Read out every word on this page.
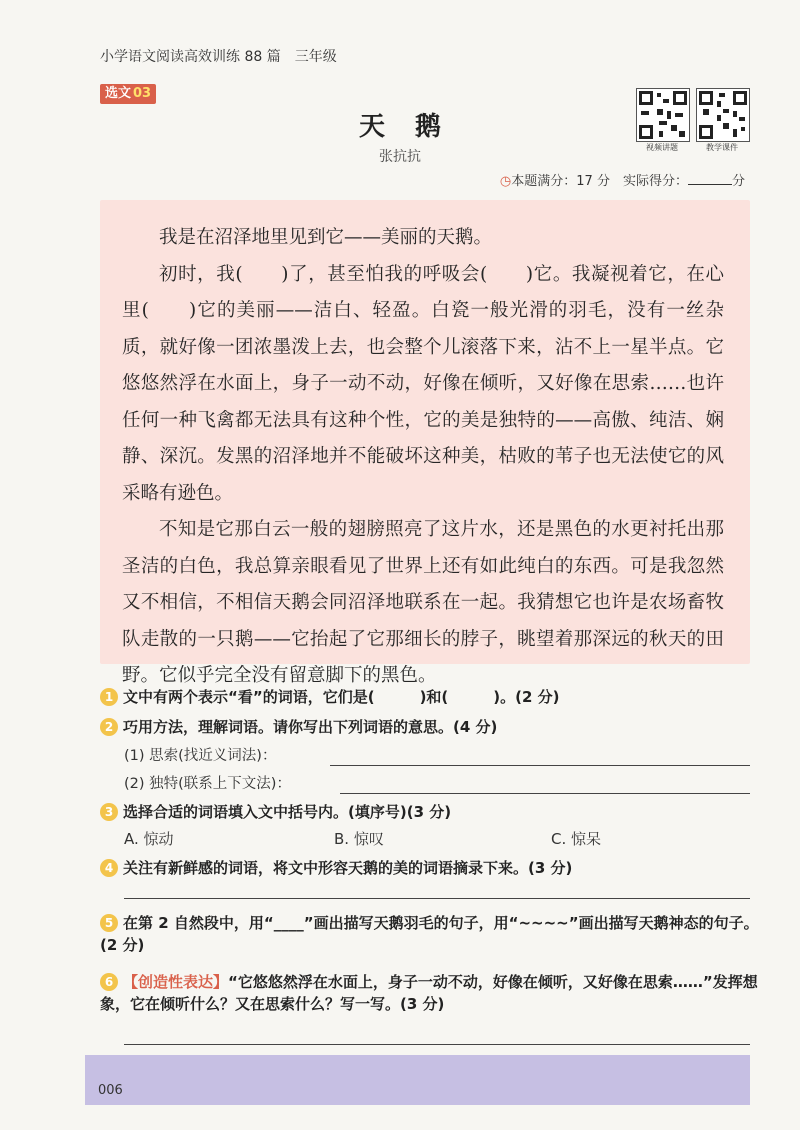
小学语文阅读高效训练 88 篇　三年级
选文 03
天鹅
张抗抗
视频讲题	教学课件
◷本题满分：17 分　 实际得分：	分

我是在沼泽地里见到它——美丽的天鹅。

初时，我(　　)了，甚至怕我的呼吸会(　　)它。我凝视着它，在心里(　　)它的美丽——洁白、轻盈。白瓷一般光滑的羽毛，没有一丝杂质，就好像一团浓墨泼上去，也会整个儿滚落下来，沾不上一星半点。它悠悠然浮在水面上，身子一动不动，好像在倾听，又好像在思索……也许任何一种飞禽都无法具有这种个性，它的美是独特的——高傲、纯洁、娴静、深沉。发黑的沼泽地并不能破坏这种美，枯败的苇子也无法使它的风采略有逊色。

不知是它那白云一般的翅膀照亮了这片水，还是黑色的水更衬托出那圣洁的白色，我总算亲眼看见了世界上还有如此纯白的东西。可是我忽然又不相信，不相信天鹅会同沼泽地联系在一起。我猜想它也许是农场畜牧队走散的一只鹅——它抬起了它那细长的脖子，眺望着那深远的秋天的田野。它似乎完全没有留意脚下的黑色。

1 文中有两个表示“看”的词语，它们是(　　　)和(　　　)。(2 分)
2 巧用方法，理解词语。请你写出下列词语的意思。(4 分)
(1) 思索(找近义词法)：
(2) 独特(联系上下文法)：
3 选择合适的词语填入文中括号内。(填序号)(3 分)
A. 惊动	B. 惊叹	C. 惊呆
4 关注有新鲜感的词语，将文中形容天鹅的美的词语摘录下来。(3 分)
5 在第 2 自然段中，用“____”画出描写天鹅羽毛的句子，用“~~~~”画出描写天鹅神态的句子。(2 分)
6 【创造性表达】“它悠悠然浮在水面上，身子一动不动，好像在倾听，又好像在思索……”发挥想象，它在倾听什么？又在思索什么？写一写。(3 分)
006
